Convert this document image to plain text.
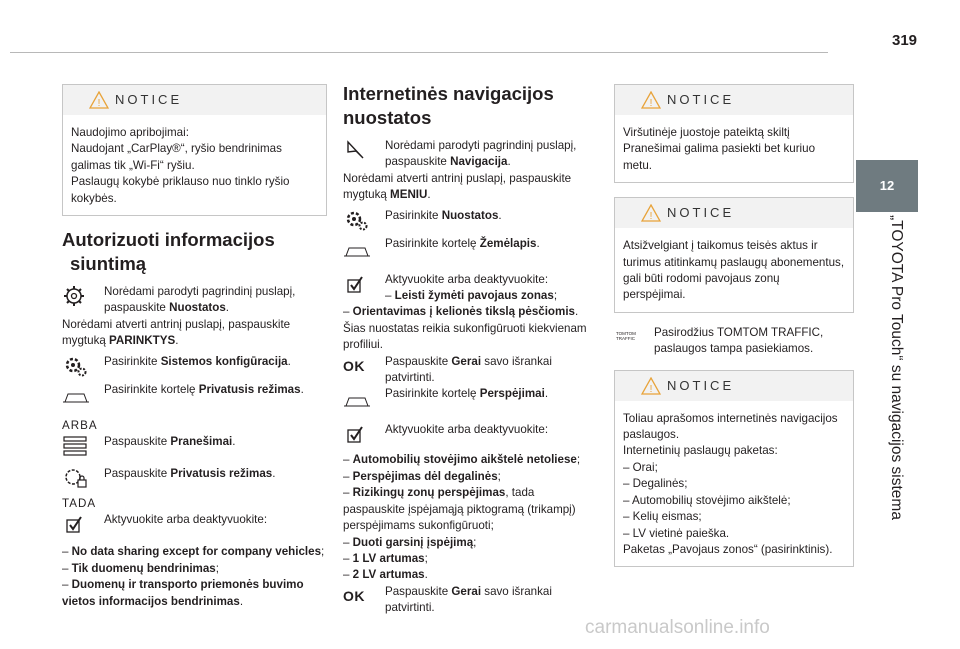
319
12
„TOYOTA Pro Touch“ su navigacijos sistema
! NOTICE

Naudojimo apribojimai:

Naudojant „CarPlay®“, ryšio bendrinimas galimas tik „Wi-Fi“ ryšiu.

Paslaugų kokybė priklauso nuo tinklo ryšio kokybės.

Autorizuoti informacijos
siuntimą
Norėdami parodyti pagrindinį puslapį, paspauskite Nuostatos.

Norėdami atverti antrinį puslapį, paspauskite mygtuką PARINKTYS.

Pasirinkite Sistemos konfigūracija.
Pasirinkite kortelę Privatusis režimas.

ARBA

Paspauskite Pranešimai.
Paspauskite Privatusis režimas.

TADA

Aktyvuokite arba deaktyvuokite:

– No data sharing except for company vehicles;

– Tik duomenų bendrinimas;

– Duomenų ir transporto priemonės buvimo vietos informacijos bendrinimas.

Internetinės navigacijos
nuostatos
Norėdami parodyti pagrindinį puslapį, paspauskite Navigacija.

Norėdami atverti antrinį puslapį, paspauskite mygtuką MENIU.

Pasirinkite Nuostatos.
Pasirinkite kortelę Žemėlapis.
Aktyvuokite arba deaktyvuokite:
– Leisti žymėti pavojaus zonas;

– Orientavimas į kelionės tikslą pėsčiomis.

Šias nuostatas reikia sukonfigūruoti kiekvienam profiliui.

OK Paspauskite Gerai savo išrankai patvirtinti.
Pasirinkite kortelę Perspėjimai.
Aktyvuokite arba deaktyvuokite:

– Automobilių stovėjimo aikštelė netoliese;

– Perspėjimas dėl degalinės;

– Rizikingų zonų perspėjimas, tada paspauskite įspėjamąją piktogramą (trikampį) perspėjimams sukonfigūruoti;

– Duoti garsinį įspėjimą;

– 1 LV artumas;

– 2 LV artumas.

OK Paspauskite Gerai savo išrankai patvirtinti.
! NOTICE

Viršutinėje juostoje pateiktą skiltį Pranešimai galima pasiekti bet kuriuo metu.

! NOTICE

Atsižvelgiant į taikomus teisės aktus ir turimus atitinkamų paslaugų abonementus, gali būti rodomi pavojaus zonų perspėjimai.

TOMTOM TRAFFIC	Pasirodžius TOMTOM TRAFFIC, paslaugos tampa pasiekiamos.
! NOTICE

Toliau aprašomos internetinės navigacijos paslaugos.

Internetinių paslaugų paketas:

– Orai;

– Degalinės;

– Automobilių stovėjimo aikštelė;

– Kelių eismas;

– LV vietinė paieška.

Paketas „Pavojaus zonos“ (pasirinktinis).

carmanualsonline.info
